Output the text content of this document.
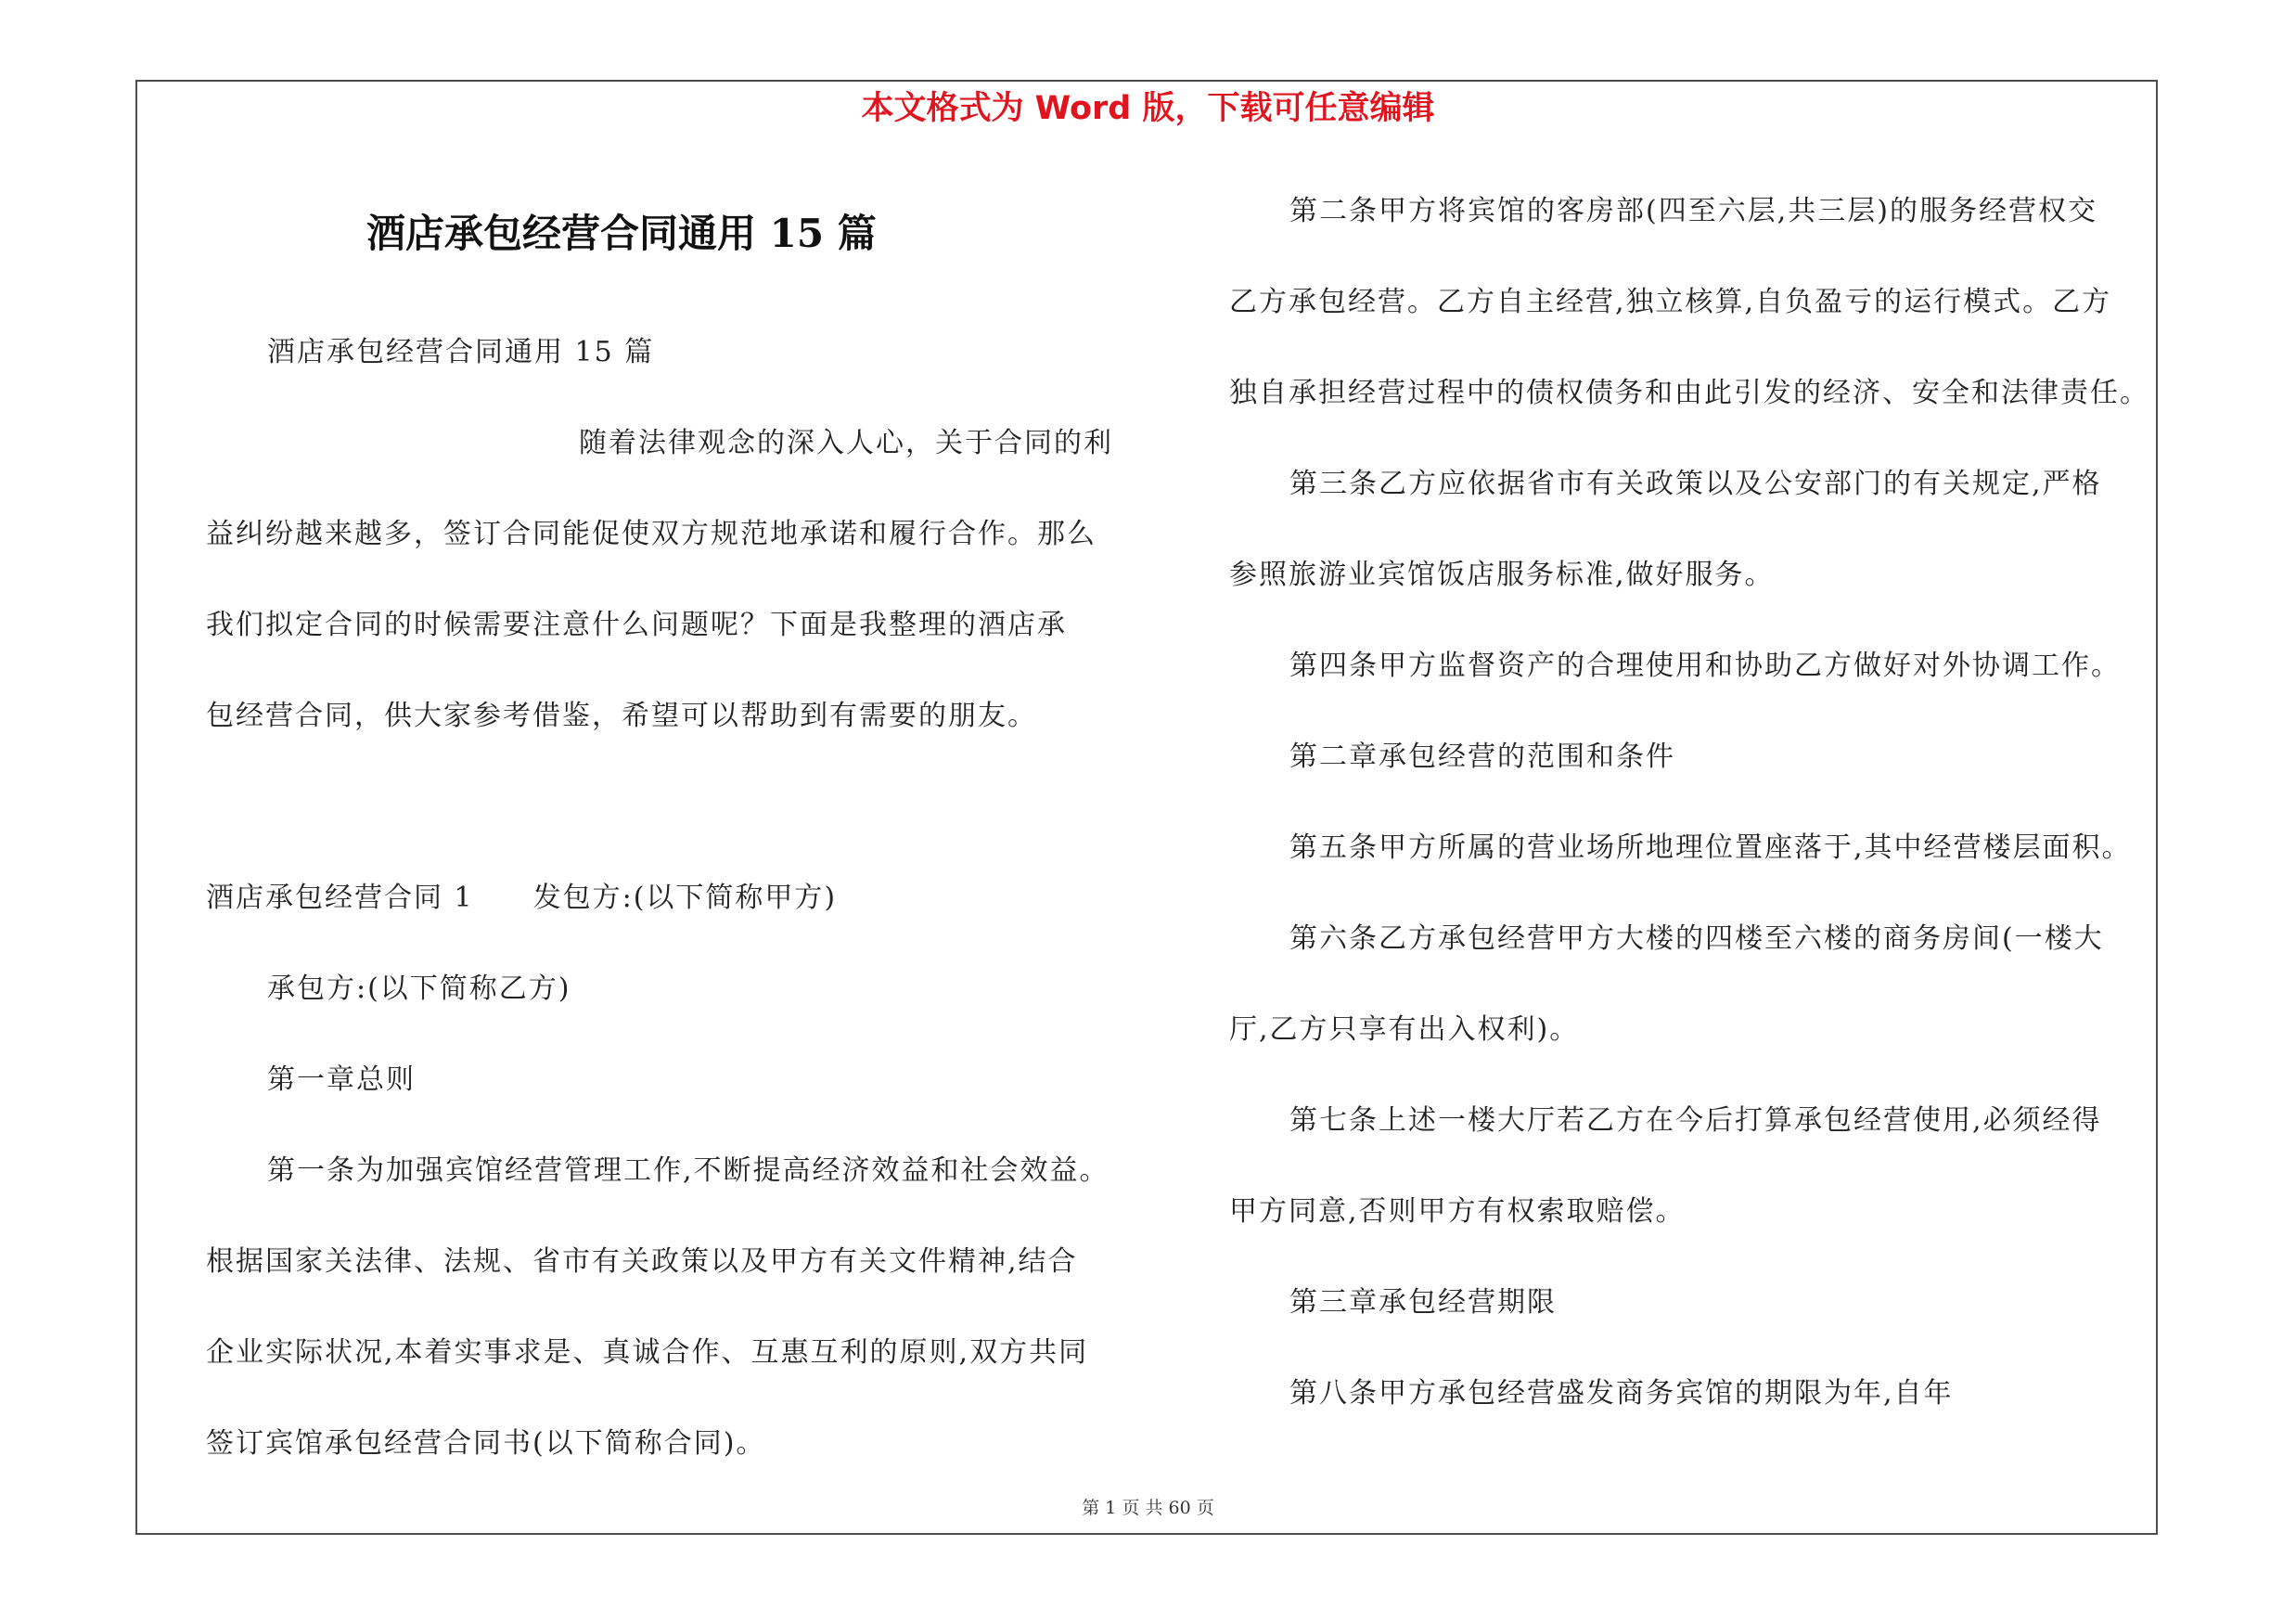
本文格式为 Word 版，下载可任意编辑
酒店承包经营合同通用 15 篇
酒店承包经营合同通用 15 篇
随着法律观念的深入人心，关于合同的利
益纠纷越来越多，签订合同能促使双方规范地承诺和履行合作。那么
我们拟定合同的时候需要注意什么问题呢？下面是我整理的酒店承
包经营合同，供大家参考借鉴，希望可以帮助到有需要的朋友。
酒店承包经营合同 1　　发包方:(以下简称甲方)
承包方:(以下简称乙方)
第一章总则
第一条为加强宾馆经营管理工作,不断提高经济效益和社会效益。
根据国家关法律、法规、省市有关政策以及甲方有关文件精神,结合
企业实际状况,本着实事求是、真诚合作、互惠互利的原则,双方共同
签订宾馆承包经营合同书(以下简称合同)。
第二条甲方将宾馆的客房部(四至六层,共三层)的服务经营权交
乙方承包经营。乙方自主经营,独立核算,自负盈亏的运行模式。乙方
独自承担经营过程中的债权债务和由此引发的经济、安全和法律责任。
第三条乙方应依据省市有关政策以及公安部门的有关规定,严格
参照旅游业宾馆饭店服务标准,做好服务。
第四条甲方监督资产的合理使用和协助乙方做好对外协调工作。
第二章承包经营的范围和条件
第五条甲方所属的营业场所地理位置座落于,其中经营楼层面积。
第六条乙方承包经营甲方大楼的四楼至六楼的商务房间(一楼大
厅,乙方只享有出入权利)。
第七条上述一楼大厅若乙方在今后打算承包经营使用,必须经得
甲方同意,否则甲方有权索取赔偿。
第三章承包经营期限
第八条甲方承包经营盛发商务宾馆的期限为年,自年
第 1 页 共 60 页
